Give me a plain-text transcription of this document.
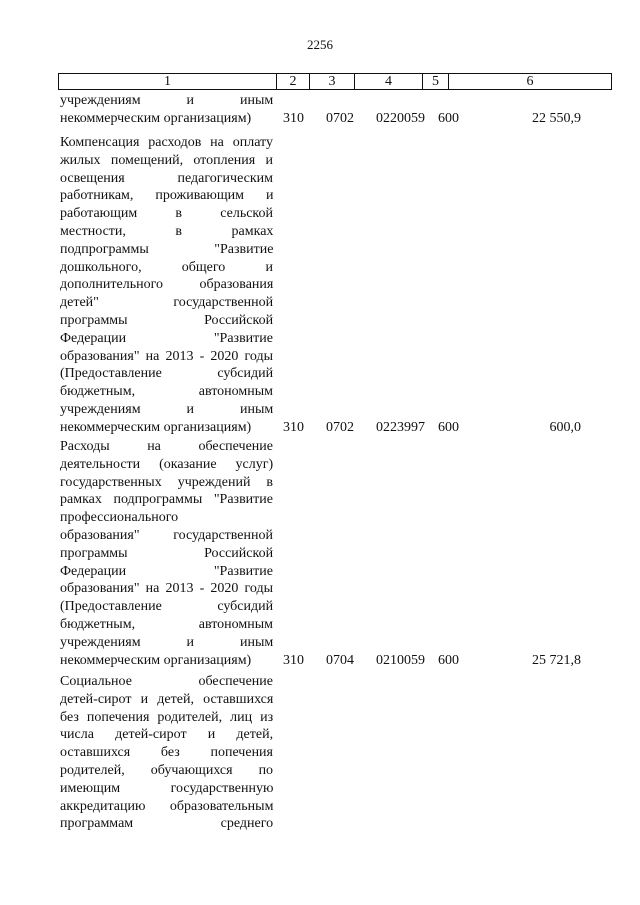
2256
1	2	3	4	5	6
учреждениям и иным
некоммерческим организациям)	310 0702 0220059 600	22 550,9
Компенсация расходов на оплату
жилых помещений, отопления и
освещения педагогическим
работникам, проживающим и
работающим в сельской
местности, в рамках
подпрограммы "Развитие
дошкольного, общего и
дополнительного образования
детей" государственной
программы Российской
Федерации "Развитие
образования" на 2013 - 2020 годы
(Предоставление субсидий
бюджетным, автономным
учреждениям и иным
некоммерческим организациям)	310 0702 0223997 600	600,0
Расходы на обеспечение
деятельности (оказание услуг)
государственных учреждений в
рамках подпрограммы "Развитие
профессионального
образования" государственной
программы Российской
Федерации "Развитие
образования" на 2013 - 2020 годы
(Предоставление субсидий
бюджетным, автономным
учреждениям и иным
некоммерческим организациям)	310 0704 0210059 600	25 721,8
Социальное обеспечение
детей-сирот и детей, оставшихся
без попечения родителей, лиц из
числа детей-сирот и детей,
оставшихся без попечения
родителей, обучающихся по
имеющим государственную
аккредитацию образовательным
программам среднего
